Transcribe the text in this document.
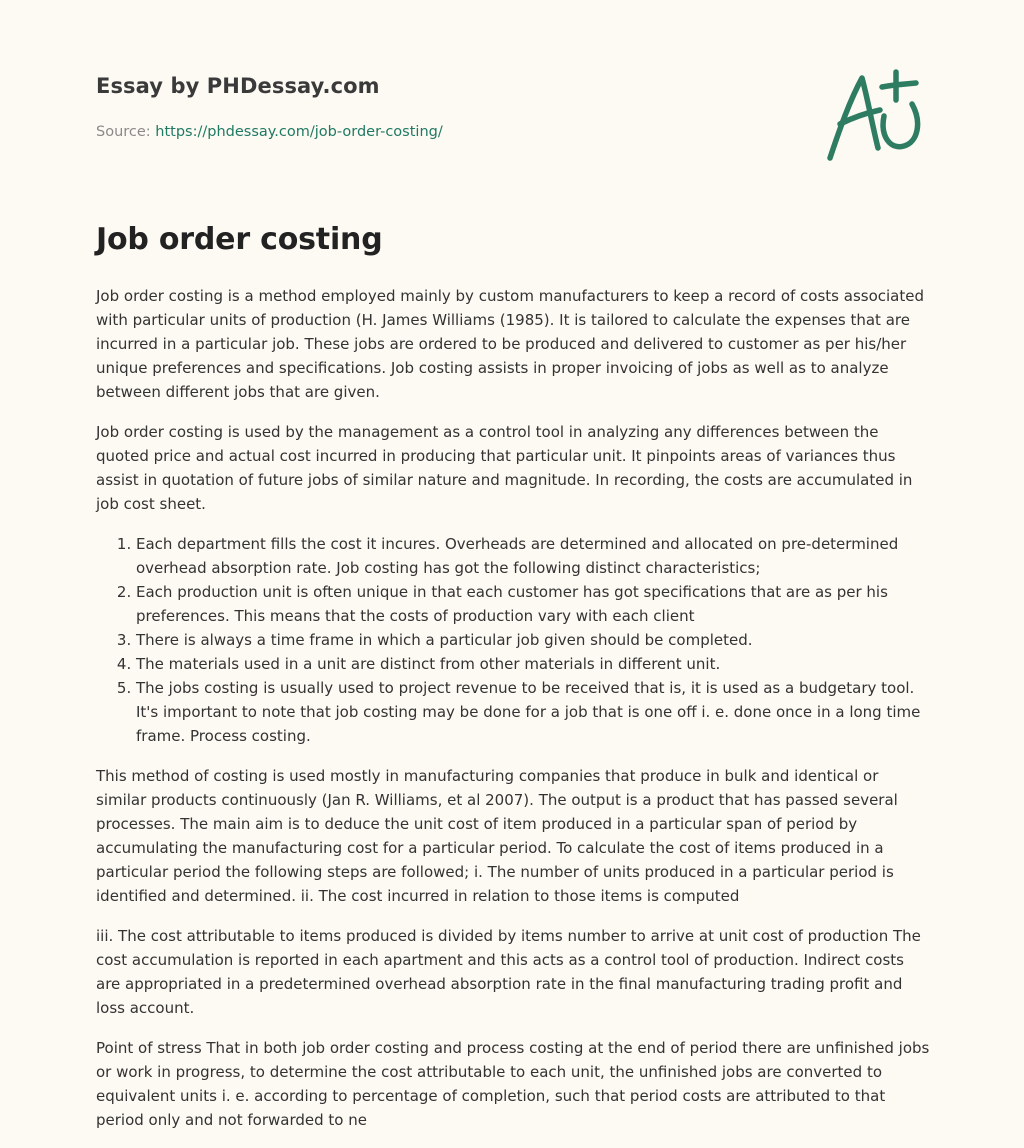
Essay by PHDessay.com
Source: https://phdessay.com/job-order-costing/
Job order costing

Job order costing is a method employed mainly by custom manufacturers to keep a record of costs associated with particular units of production (H. James Williams (1985). It is tailored to calculate the expenses that are incurred in a particular job. These jobs are ordered to be produced and delivered to customer as per his/her unique preferences and specifications. Job costing assists in proper invoicing of jobs as well as to analyze between different jobs that are given.

Job order costing is used by the management as a control tool in analyzing any differences between the quoted price and actual cost incurred in producing that particular unit. It pinpoints areas of variances thus assist in quotation of future jobs of similar nature and magnitude. In recording, the costs are accumulated in job cost sheet.

1. Each department fills the cost it incures. Overheads are determined and allocated on pre-determined overhead absorption rate. Job costing has got the following distinct characteristics;
2. Each production unit is often unique in that each customer has got specifications that are as per his preferences. This means that the costs of production vary with each client
3. There is always a time frame in which a particular job given should be completed.
4. The materials used in a unit are distinct from other materials in different unit.
5. The jobs costing is usually used to project revenue to be received that is, it is used as a budgetary tool. It's important to note that job costing may be done for a job that is one off i. e. done once in a long time frame. Process costing.

This method of costing is used mostly in manufacturing companies that produce in bulk and identical or similar products continuously (Jan R. Williams, et al 2007). The output is a product that has passed several processes. The main aim is to deduce the unit cost of item produced in a particular span of period by accumulating the manufacturing cost for a particular period. To calculate the cost of items produced in a particular period the following steps are followed; i. The number of units produced in a particular period is identified and determined. ii. The cost incurred in relation to those items is computed

iii. The cost attributable to items produced is divided by items number to arrive at unit cost of production The cost accumulation is reported in each apartment and this acts as a control tool of production. Indirect costs are appropriated in a predetermined overhead absorption rate in the final manufacturing trading profit and loss account.

Point of stress That in both job order costing and process costing at the end of period there are unfinished jobs or work in progress, to determine the cost attributable to each unit, the unfinished jobs are converted to equivalent units i. e. according to percentage of completion, such that period costs are attributed to that period only and not forwarded to ne
